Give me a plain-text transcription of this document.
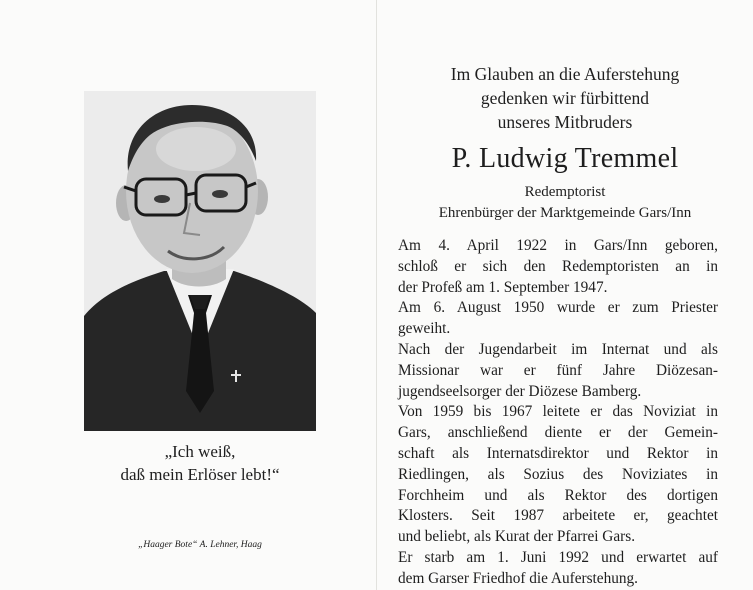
„Ich weiß,
daß mein Erlöser lebt!“
„Haager Bote“ A. Lehner, Haag
Im Glauben an die Auferstehung
gedenken wir fürbittend
unseres Mitbruders
P. Ludwig Tremmel
Redemptorist
Ehrenbürger der Marktgemeinde Gars/Inn
Am 4. April 1922 in Gars/Inn geboren,
schloß er sich den Redemptoristen an in
der Profeß am 1. September 1947.
Am 6. August 1950 wurde er zum Priester
geweiht.
Nach der Jugendarbeit im Internat und als
Missionar war er fünf Jahre Diözesan-
jugendseelsorger der Diözese Bamberg.
Von 1959 bis 1967 leitete er das Noviziat in
Gars, anschließend diente er der Gemein-
schaft als Internatsdirektor und Rektor in
Riedlingen, als Sozius des Noviziates in
Forchheim und als Rektor des dortigen
Klosters. Seit 1987 arbeitete er, geachtet
und beliebt, als Kurat der Pfarrei Gars.
Er starb am 1. Juni 1992 und erwartet auf
dem Garser Friedhof die Auferstehung.
